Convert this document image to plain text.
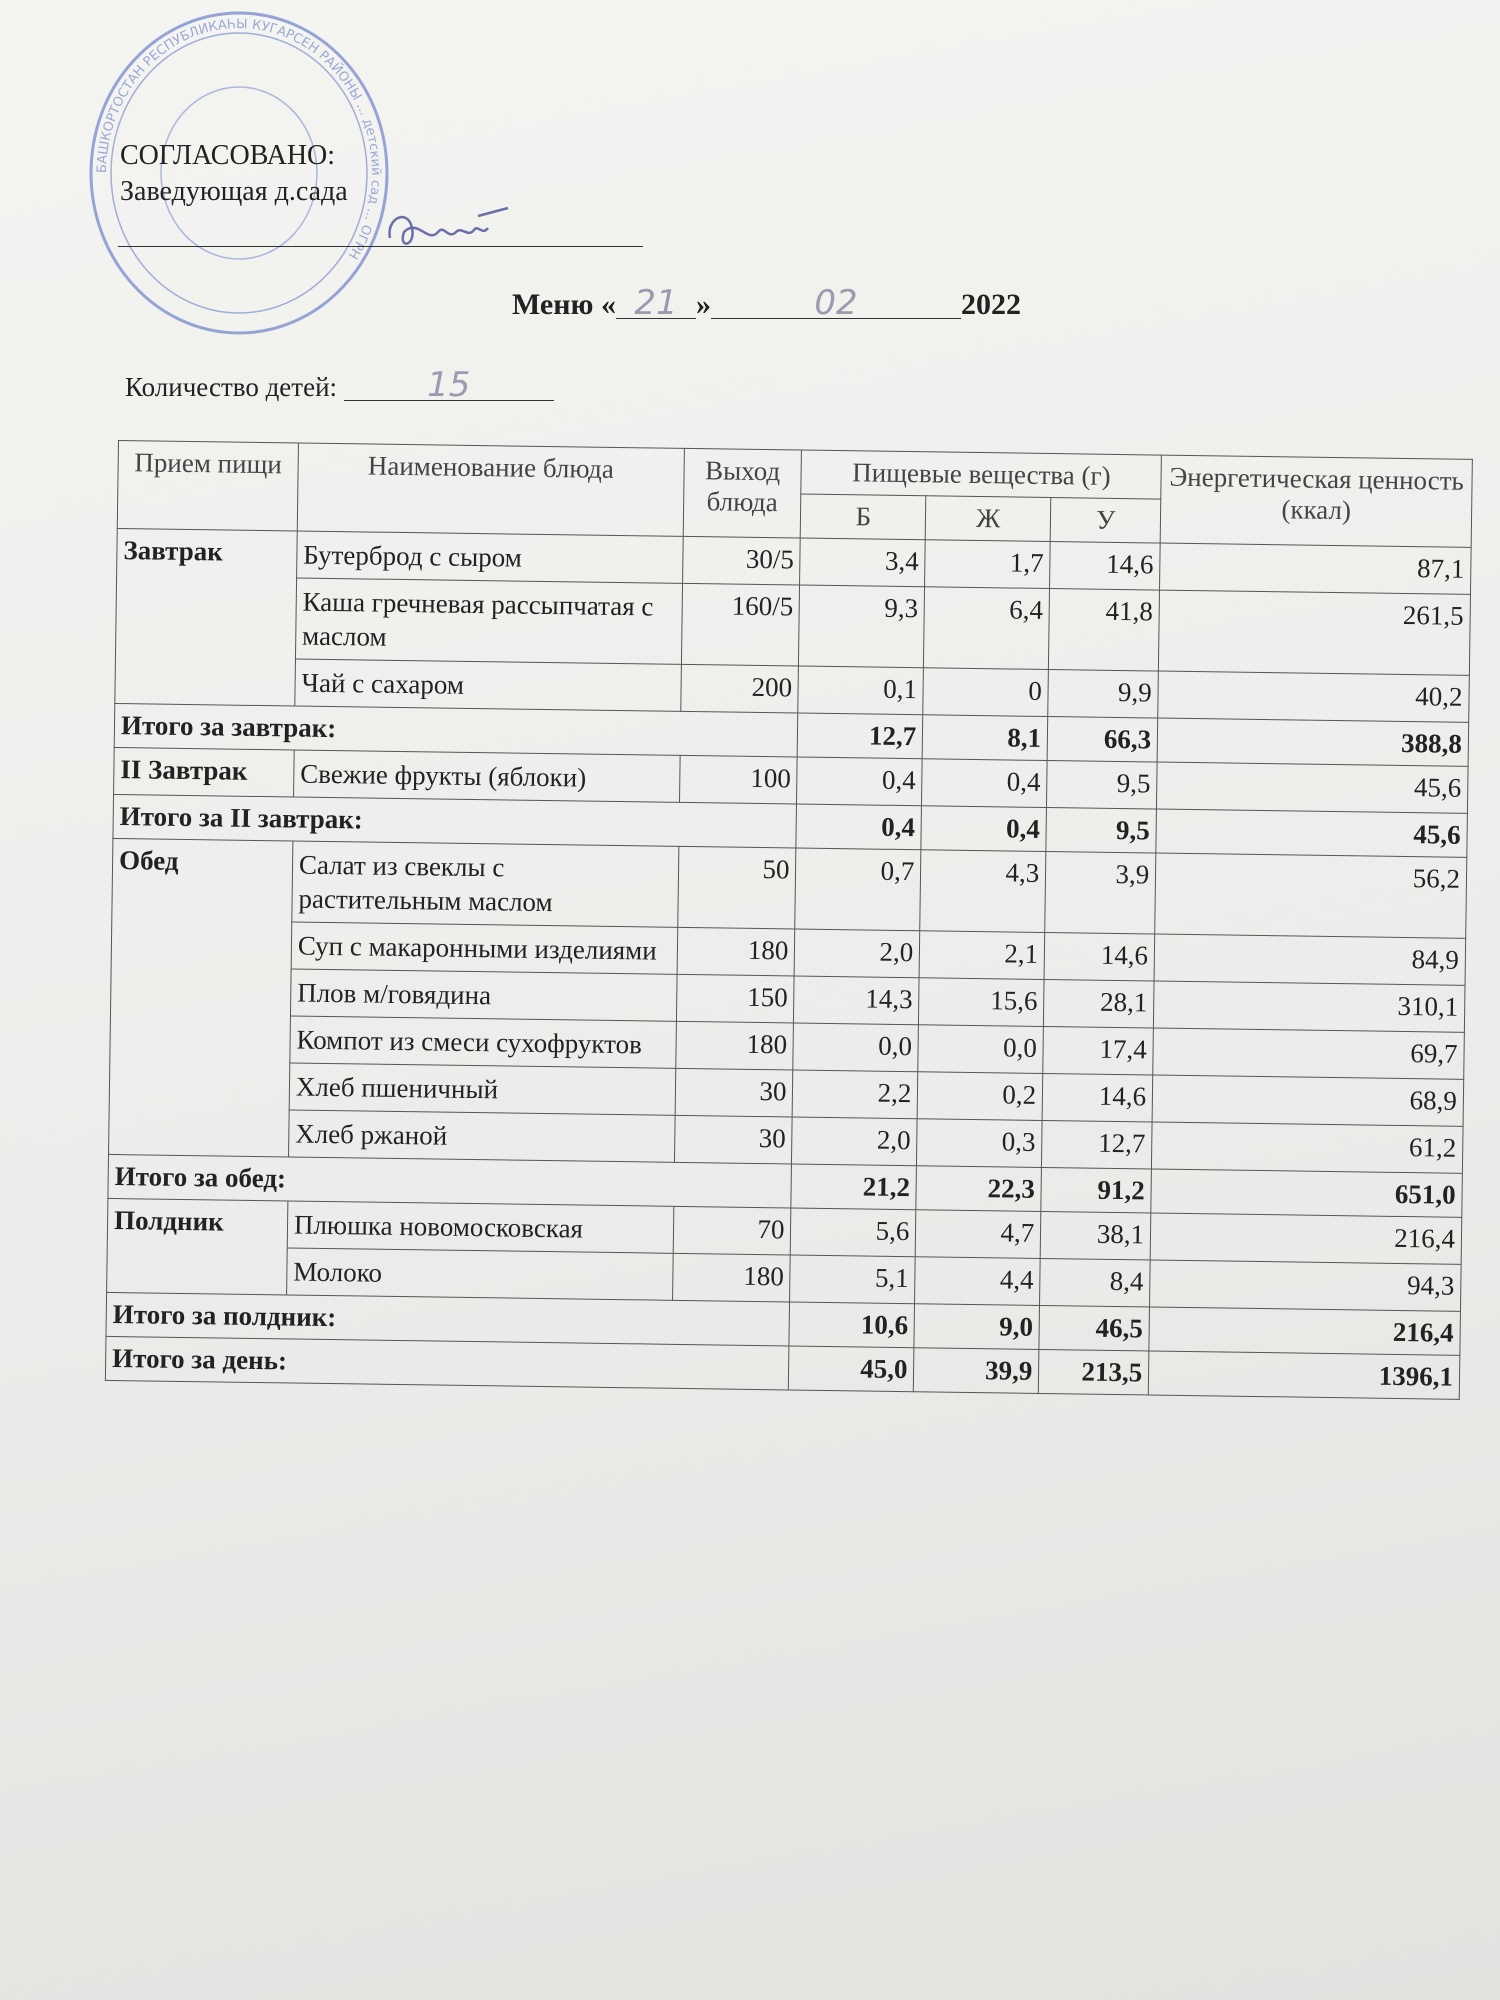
БАШКОРТОСТАН РЕСПУБЛИКАҺЫ КУГАРСЕН РАЙОНЫ ... детский сад ... ОГРН
СОГЛАСОВАНО:
Заведующая д.сада
Меню « 21 »	02	2022
Количество детей:	15
Прием пищи	Наименование блюда	Выход блюда	Пищевые вещества (г)			Энергетическая ценность (ккал)
			Б	Ж	У	
Завтрак	Бутерброд с сыром	30/5	3,4	1,7	14,6	87,1
	Каша гречневая рассыпчатая с маслом	160/5	9,3	6,4	41,8	261,5
	Чай с сахаром	200	0,1	0	9,9	40,2
Итого за завтрак:			12,7	8,1	66,3	388,8
II Завтрак	Свежие фрукты (яблоки)	100	0,4	0,4	9,5	45,6
Итого за II завтрак:			0,4	0,4	9,5	45,6
Обед	Салат из свеклы с растительным маслом	50	0,7	4,3	3,9	56,2
	Суп с макаронными изделиями	180	2,0	2,1	14,6	84,9
	Плов м/говядина	150	14,3	15,6	28,1	310,1
	Компот из смеси сухофруктов	180	0,0	0,0	17,4	69,7
	Хлеб пшеничный	30	2,2	0,2	14,6	68,9
	Хлеб ржаной	30	2,0	0,3	12,7	61,2
Итого за обед:			21,2	22,3	91,2	651,0
Полдник	Плюшка новомосковская	70	5,6	4,7	38,1	216,4
	Молоко	180	5,1	4,4	8,4	94,3
Итого за полдник:			10,6	9,0	46,5	216,4
Итого за день:			45,0	39,9	213,5	1396,1
